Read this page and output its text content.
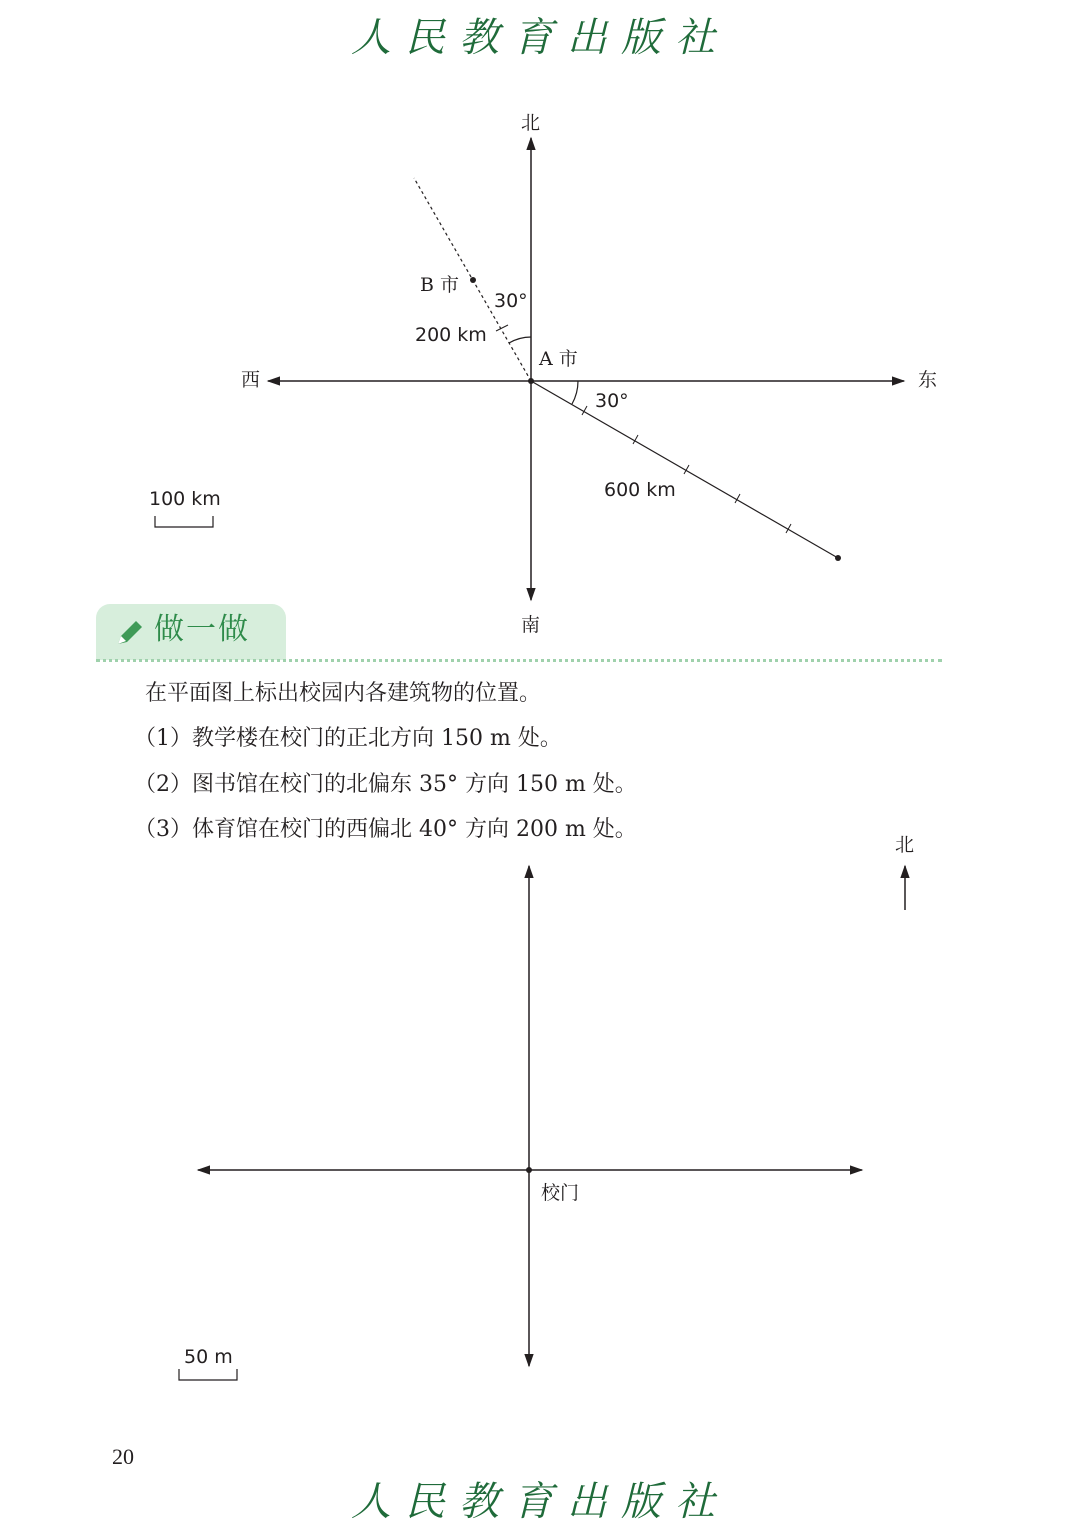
人民教育出版社
北
南
东
西
B 市
A 市
30°
200 km
30°
600 km
100 km
做一做
在平面图上标出校园内各建筑物的位置。
（1）教学楼在校门的正北方向 150 m 处。
（2）图书馆在校门的北偏东 35° 方向 150 m 处。
（3）体育馆在校门的西偏北 40° 方向 200 m 处。
北
校门
50 m
20
人民教育出版社
